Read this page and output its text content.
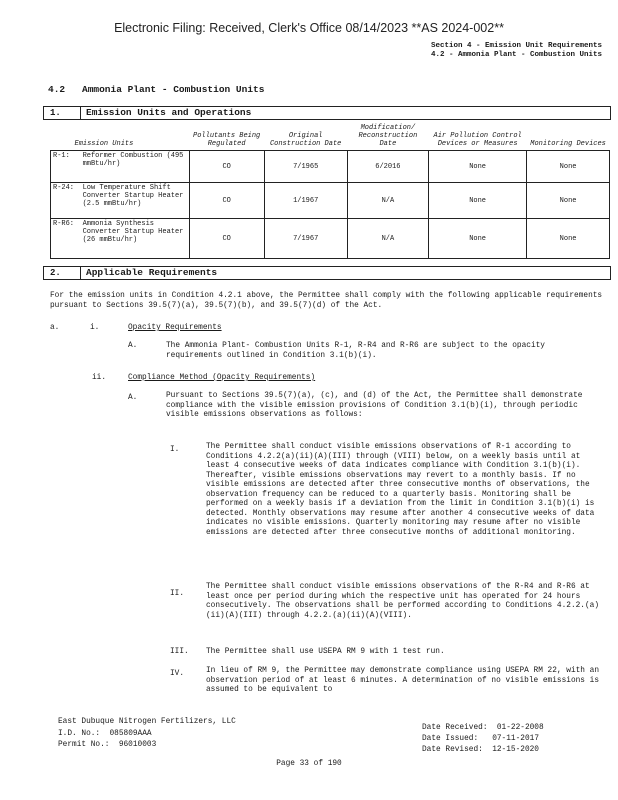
Electronic Filing: Received, Clerk's Office 08/14/2023 **AS 2024-002**
Section 4 - Emission Unit Requirements
4.2 - Ammonia Plant - Combustion Units
4.2 Ammonia Plant - Combustion Units
1.	Emission Units and Operations
Emission Units		Pollutants Being Regulated	Original Construction Date	Modification/ Reconstruction Date	Air Pollution Control Devices or Measures	Monitoring Devices
R-1:	Reformer Combustion (495 mmBtu/hr)	CO	7/1965	6/2016	None	None
R-24:	Low Temperature Shift Converter Startup Heater (2.5 mmBtu/hr)	CO	1/1967	N/A	None	None
R-R6:	Ammonia Synthesis Converter Startup Heater (26 mmBtu/hr)	CO	7/1967	N/A	None	None
2.	Applicable Requirements
For the emission units in Condition 4.2.1 above, the Permittee shall comply with the following applicable requirements pursuant to Sections 39.5(7)(a), 39.5(7)(b), and 39.5(7)(d) of the Act.
a.	i.	Opacity Requirements
A.	The Ammonia Plant- Combustion Units R-1, R-R4 and R-R6 are subject to the opacity requirements outlined in Condition 3.1(b)(i).
ii.	Compliance Method (Opacity Requirements)
A.	Pursuant to Sections 39.5(7)(a), (c), and (d) of the Act, the Permittee shall demonstrate compliance with the visible emission provisions of Condition 3.1(b)(i), through periodic visible emissions observations as follows:
I.	The Permittee shall conduct visible emissions observations of R-1 according to Conditions 4.2.2(a)(ii)(A)(III) through (VIII) below, on a weekly basis until at least 4 consecutive weeks of data indicates compliance with Condition 3.1(b)(i). Thereafter, visible emissions observations may revert to a monthly basis. If no visible emissions are detected after three consecutive months of observations, the observation frequency can be reduced to a quarterly basis. Monitoring shall be performed on a weekly basis if a deviation from the limit in Condition 3.1(b)(i) is detected. Monthly observations may resume after another 4 consecutive weeks of data indicates no visible emissions. Quarterly monitoring may resume after no visible emissions are detected after three consecutive months of additional monitoring.
II.
The Permittee shall conduct visible emissions observations of the R-R4 and R-R6 at least once per period during which the respective unit has operated for 24 hours consecutively. The observations shall be performed according to Conditions 4.2.2.(a)(ii)(A)(III) through 4.2.2.(a)(ii)(A)(VIII).
III. The Permittee shall use USEPA RM 9 with 1 test run.
IV.	In lieu of RM 9, the Permittee may demonstrate compliance using USEPA RM 22, with an observation period of at least 6 minutes. A determination of no visible emissions is assumed to be equivalent to
East Dubuque Nitrogen Fertilizers, LLC
I.D. No.: 085809AAA
Permit No.: 96010003
Date Received: 01-22-2008
Date Issued: 07-11-2017
Date Revised: 12-15-2020
Page 33 of 190
